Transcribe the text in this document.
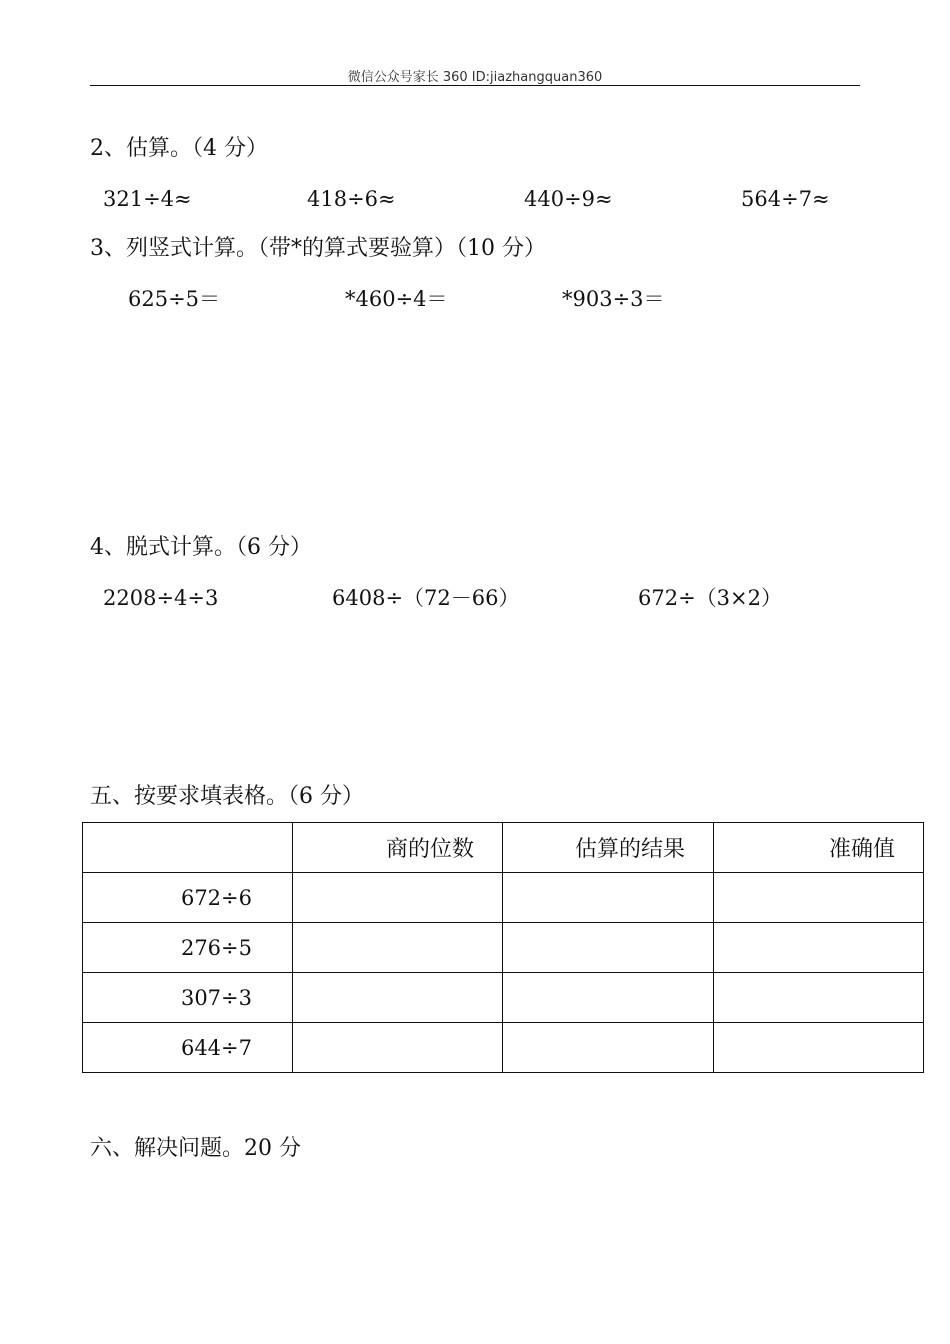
微信公众号家长 360 ID:jiazhangquan360
2、估算。（4 分）
321÷4≈	418÷6≈	440÷9≈	564÷7≈
3、列竖式计算。（带*的算式要验算）（10 分）
625÷5＝	*460÷4＝	*903÷3＝
4、脱式计算。（6 分）
2208÷4÷3	6408÷（72－66）	672÷（3×2）
五、按要求填表格。（6 分）
	商的位数	估算的结果	准确值
672÷6			
276÷5			
307÷3			
644÷7			
六、解决问题。20 分
